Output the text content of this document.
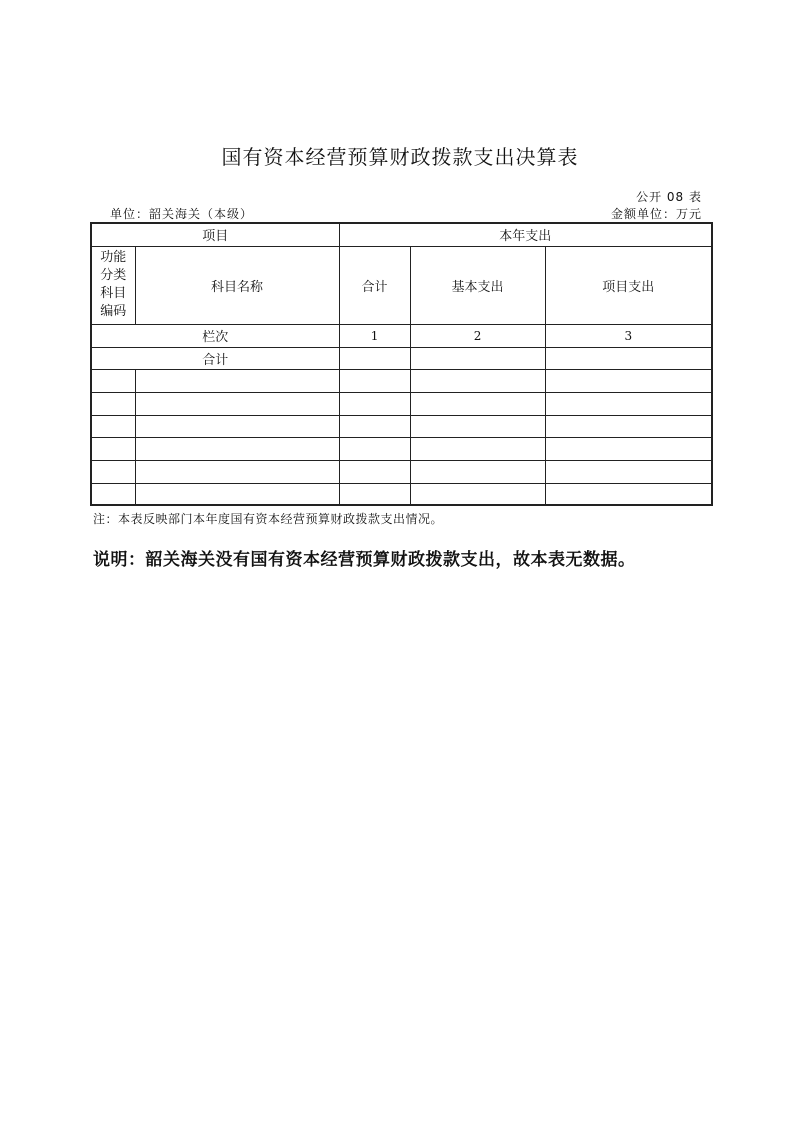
国有资本经营预算财政拨款支出决算表
公开 08 表
单位：韶关海关（本级）	金额单位：万元
项目		本年支出		

功能
分类
科目
编码	科目名称	合计	基本支出	项目支出
栏次		1	2	3
合计				

注：本表反映部门本年度国有资本经营预算财政拨款支出情况。
说明：韶关海关没有国有资本经营预算财政拨款支出，故本表无数据。
